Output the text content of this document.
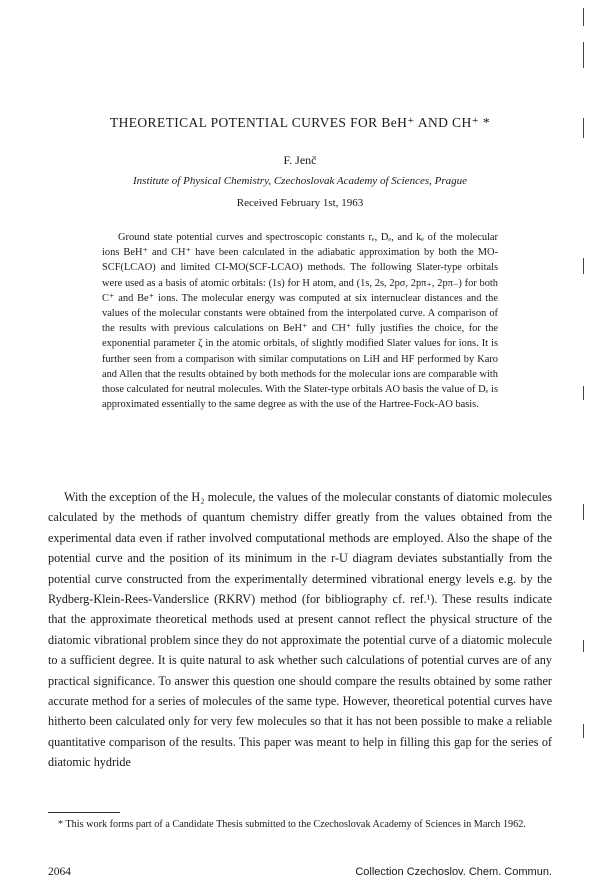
THEORETICAL POTENTIAL CURVES FOR BeH⁺ AND CH⁺ *
F. Jenč
Institute of Physical Chemistry, Czechoslovak Academy of Sciences, Prague
Received February 1st, 1963

Ground state potential curves and spectroscopic constants rₑ, Dₑ, and kₑ of the molecular ions BeH⁺ and CH⁺ have been calculated in the adiabatic approximation by both the MO-SCF(LCAO) and limited CI-MO(SCF-LCAO) methods. The following Slater-type orbitals were used as a basis of atomic orbitals: (1s) for H atom, and (1s, 2s, 2pσ, 2pπ₊, 2pπ₋) for both C⁺ and Be⁺ ions. The molecular energy was computed at six internuclear distances and the values of the molecular constants were obtained from the interpolated curve. A comparison of the results with previous calculations on BeH⁺ and CH⁺ fully justifies the choice, for the exponential parameter ζ in the atomic orbitals, of slightly modified Slater values for ions. It is further seen from a comparison with similar computations on LiH and HF performed by Karo and Allen that the results obtained by both methods for the molecular ions are comparable with those calculated for neutral molecules. With the Slater-type orbitals AO basis the value of Dₑ is approximated essentially to the same degree as with the use of the Hartree-Fock-AO basis.

With the exception of the H₂ molecule, the values of the molecular constants of diatomic molecules calculated by the methods of quantum chemistry differ greatly from the values obtained from the experimental data even if rather involved computational methods are employed. Also the shape of the potential curve and the position of its minimum in the r-U diagram deviates substantially from the potential curve constructed from the experimentally determined vibrational energy levels e.g. by the Rydberg-Klein-Rees-Vanderslice (RKRV) method (for bibliography cf. ref.¹). These results indicate that the approximate theoretical methods used at present cannot reflect the physical structure of the diatomic vibrational problem since they do not approximate the potential curve of a diatomic molecule to a sufficient degree. It is quite natural to ask whether such calculations of potential curves are of any practical significance. To answer this question one should compare the results obtained by some rather accurate method for a series of molecules of the same type. However, theoretical potential curves have hitherto been calculated only for very few molecules so that it has not been possible to make a reliable quantitative comparison of the results. This paper was meant to help in filling this gap for the series of diatomic hydride

* This work forms part of a Candidate Thesis submitted to the Czechoslovak Academy of Sciences in March 1962.

2064	Collection Czechoslov. Chem. Commun.
